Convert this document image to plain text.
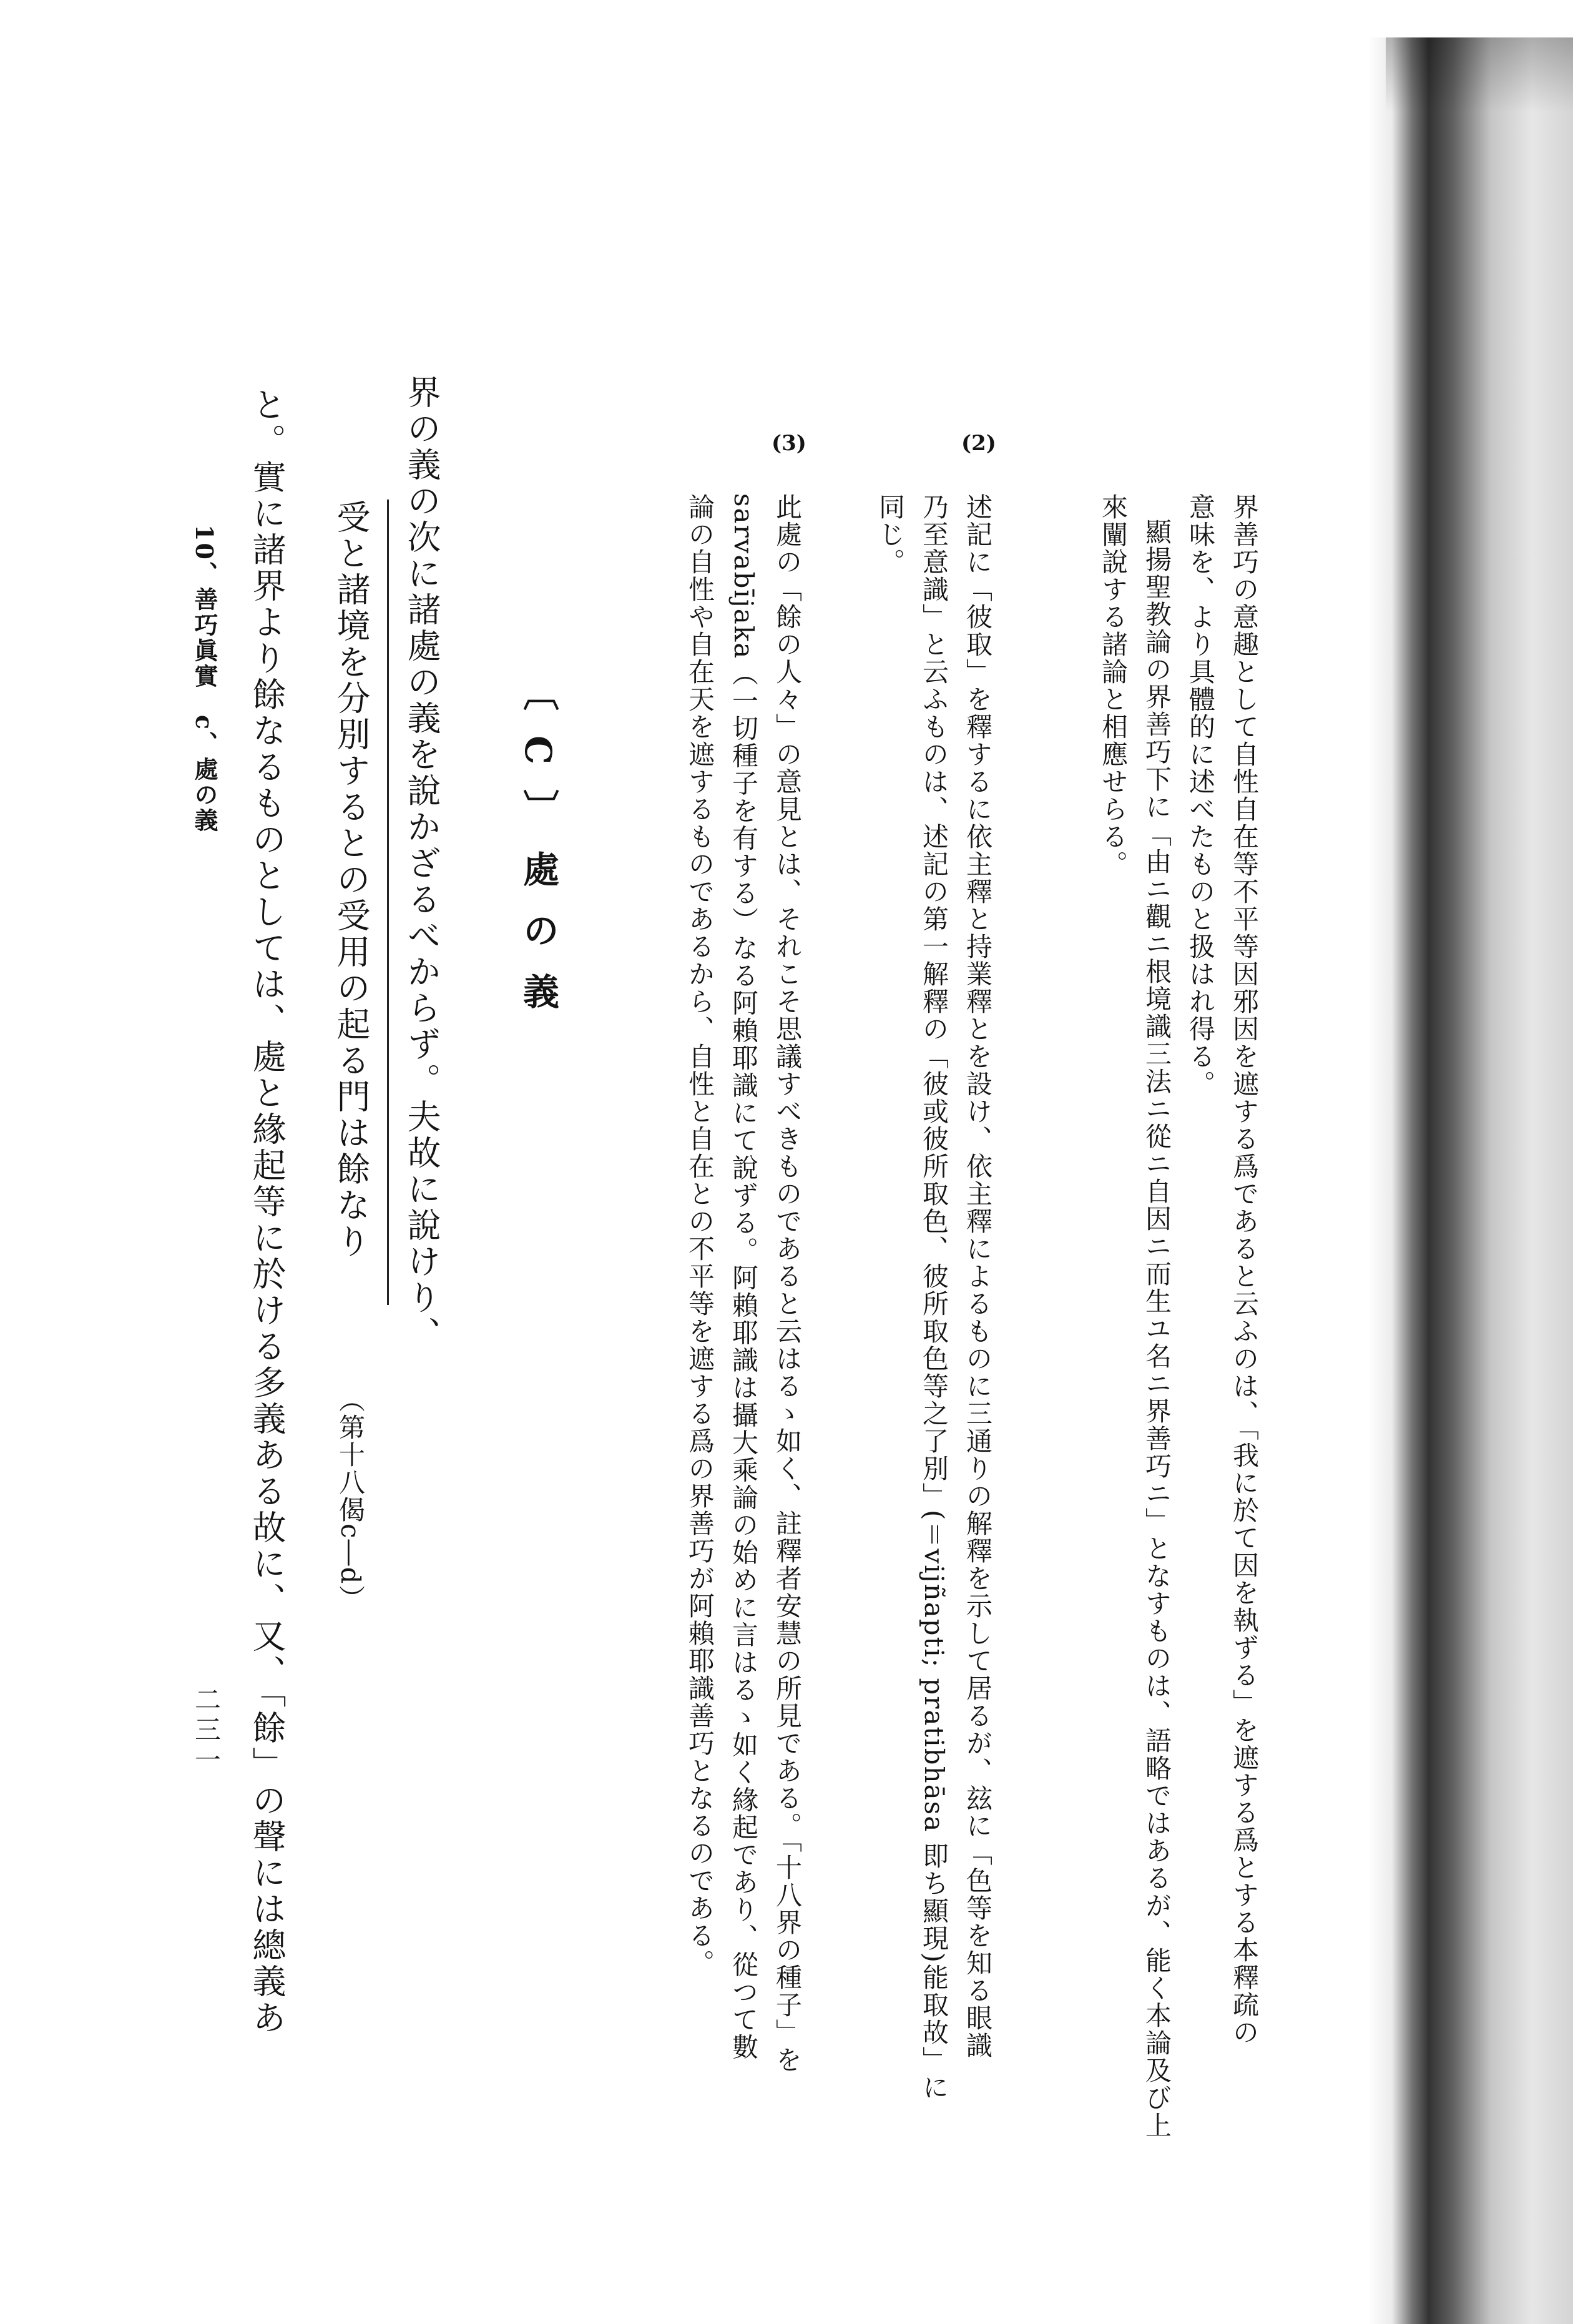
界善巧の意趣として自性自在等不平等因邪因を遮する爲であると云ふのは、「我に於て因を執ずる」を遮する爲とする本釋疏の
意味を、より具體的に述べたものと扱はれ得る。
顯揚聖教論の界善巧下に「由ニ觀ニ根境識三法ニ從ニ自因ニ而生ユ名ニ界善巧ニ」となすものは、語略ではあるが、能く本論及び上
來闡說する諸論と相應せらる。
(2)
述記に「彼取」を釋するに依主釋と持業釋とを設け、依主釋によるものに三通りの解釋を示して居るが、玆に「色等を知る眼識
乃至意識」と云ふものは、述記の第一解釋の「彼或彼所取色、彼所取色等之了別」(＝vijñapti; pratibhāsa 即ち顯現)能取故」に
同じ。
(3)
此處の「餘の人々」の意見とは、それこそ思議すべきものであると云はるゝ如く、註釋者安慧の所見である。「十八界の種子」を
sarvabījaka（一切種子を有する）なる阿賴耶識にて說ずる。阿賴耶識は攝大乘論の始めに言はるゝ如く緣起であり、從つて數
論の自性や自在天を遮するものであるから、自性と自在との不平等を遮する爲の界善巧が阿賴耶識善巧となるのである。
〔C〕處の義
界の義の次に諸處の義を說かざるべからず。夫故に說けり、
受と諸境を分別するとの受用の起る門は餘なり
（第十八偈c―d）
と。實に諸界より餘なるものとしては、處と緣起等に於ける多義ある故に、又、「餘」の聲には總義あ
10、善巧眞實　c、處の義
二三一
